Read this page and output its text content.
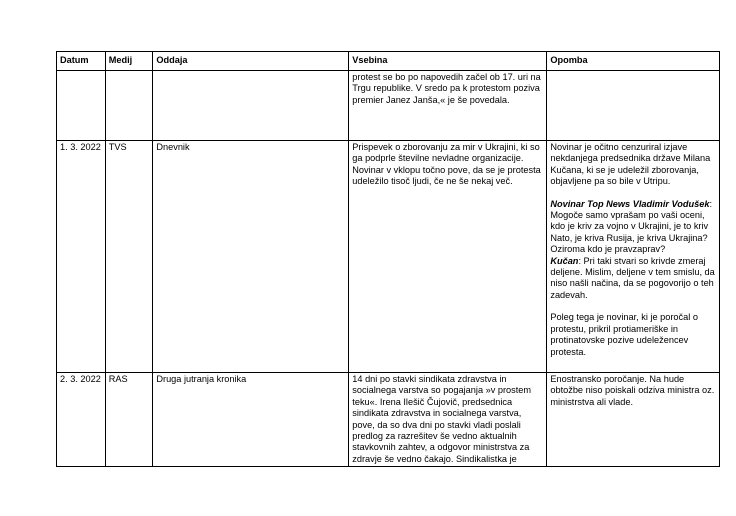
Datum	Medij	Oddaja	Vsebina	Opomba
			protest se bo po napovedih začel ob 17. uri na Trgu republike. V sredo pa k protestom poziva premier Janez Janša,« je še povedala.	
1. 3. 2022	TVS	Dnevnik	Prispevek o zborovanju za mir v Ukrajini, ki so ga podprle številne nevladne organizacije. Novinar v vklopu točno pove, da se je protesta udeležilo tisoč ljudi, če ne še nekaj več.	Novinar je očitno cenzuriral izjave nekdanjega predsednika države Milana Kučana, ki se je udeležil zborovanja, objavljene pa so bile v Utripu.

Novinar Top News Vladimir Vodušek: Mogoče samo vprašam po vaši oceni, kdo je kriv za vojno v Ukrajini, je to kriv Nato, je kriva Rusija, je kriva Ukrajina? Oziroma kdo je pravzaprav?

Kučan: Pri taki stvari so krivde zmeraj deljene. Mislim, deljene v tem smislu, da niso našli načina, da se pogovorijo o teh zadevah.

Poleg tega je novinar, ki je poročal o protestu, prikril protiameriške in protinatovske pozive udeležencev protesta.

2. 3. 2022	RAS	Druga jutranja kronika	14 dni po stavki sindikata zdravstva in socialnega varstva so pogajanja »v prostem teku«. Irena Ilešič Čujovič, predsednica sindikata zdravstva in socialnega varstva, pove, da so dva dni po stavki vladi poslali predlog za razrešitev še vedno aktualnih stavkovnih zahtev, a odgovor ministrstva za zdravje še vedno čakajo. Sindikalistka je	Enostransko poročanje. Na hude obtožbe niso poiskali odziva ministra oz. ministrstva ali vlade.
